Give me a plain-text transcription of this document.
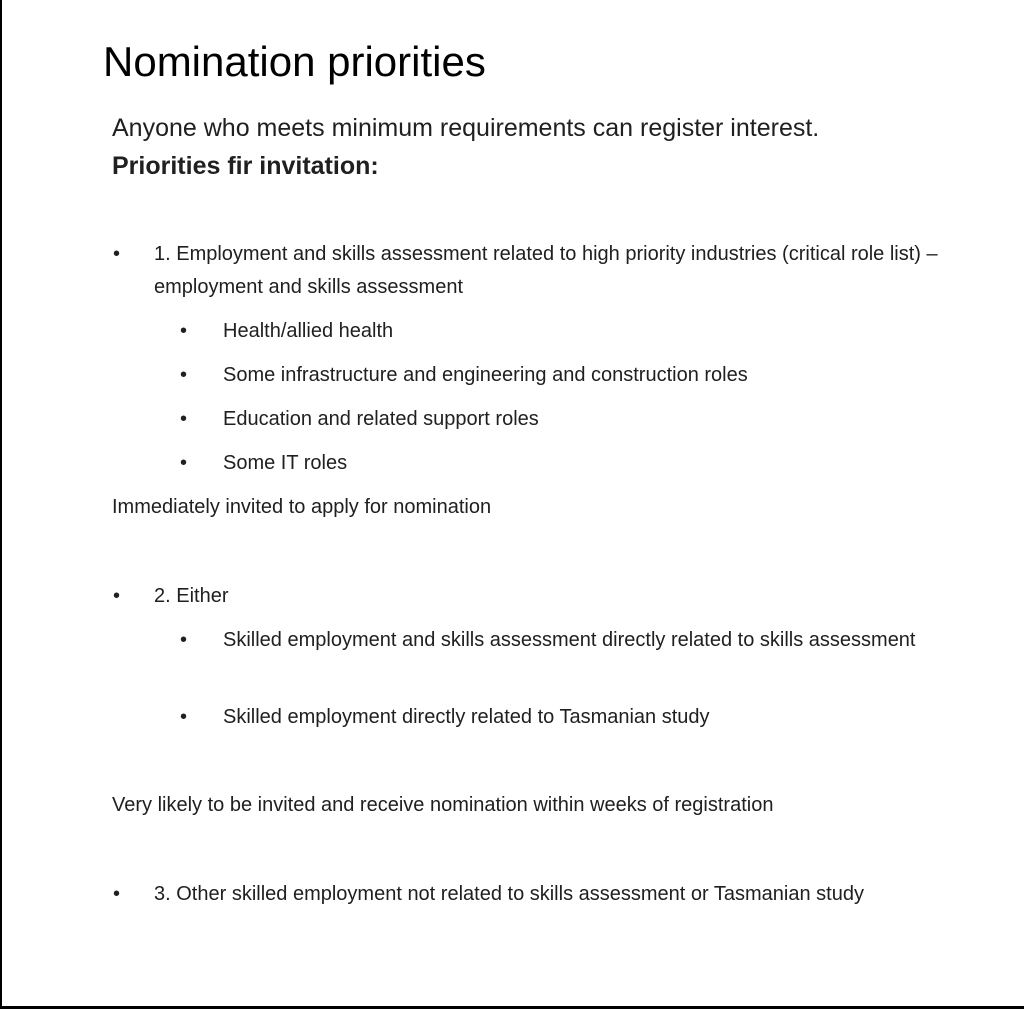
Nomination priorities

Anyone who meets minimum requirements can register interest.

Priorities fir invitation:

• 1. Employment and skills assessment related to high priority industries (critical role list) – employment and skills assessment

• Health/allied health

• Some infrastructure and engineering and construction roles

• Education and related support roles

• Some IT roles

Immediately invited to apply for nomination

• 2. Either

• Skilled employment and skills assessment directly related to skills assessment

• Skilled employment directly related to Tasmanian study

Very likely to be invited and receive nomination within weeks of registration

• 3. Other skilled employment not related to skills assessment or Tasmanian study
